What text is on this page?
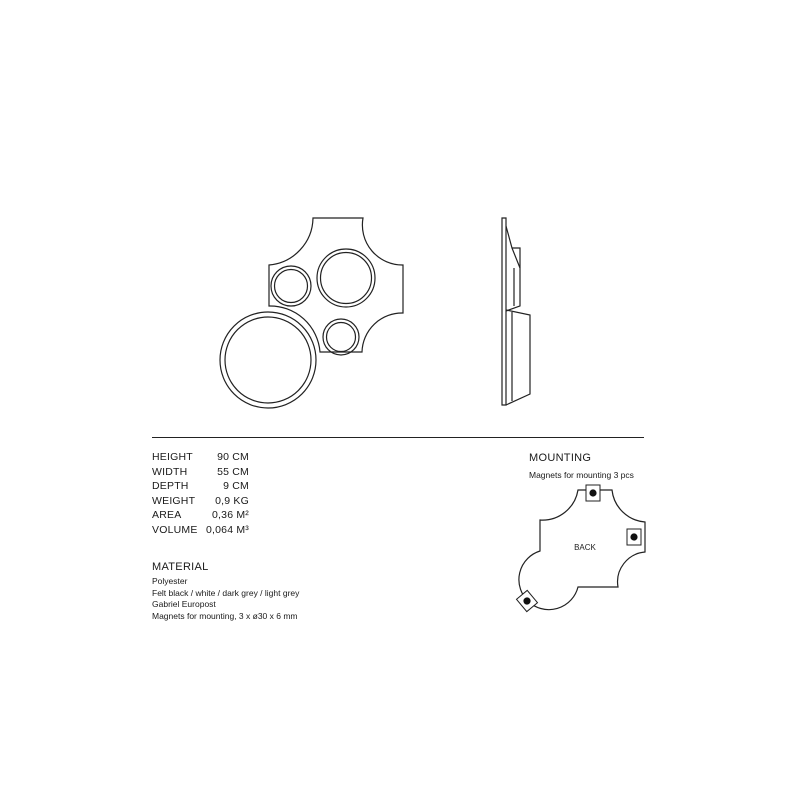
BACK
HEIGHT	90 CM
WIDTH	55 CM
DEPTH	9 CM
WEIGHT	0,9 KG
AREA	0,36 M²
VOLUME 0,064 M³
MATERIAL
Polyester
Felt black / white / dark grey / light grey
Gabriel Europost
Magnets for mounting, 3 x ø30 x 6 mm
MOUNTING
Magnets for mounting 3 pcs
